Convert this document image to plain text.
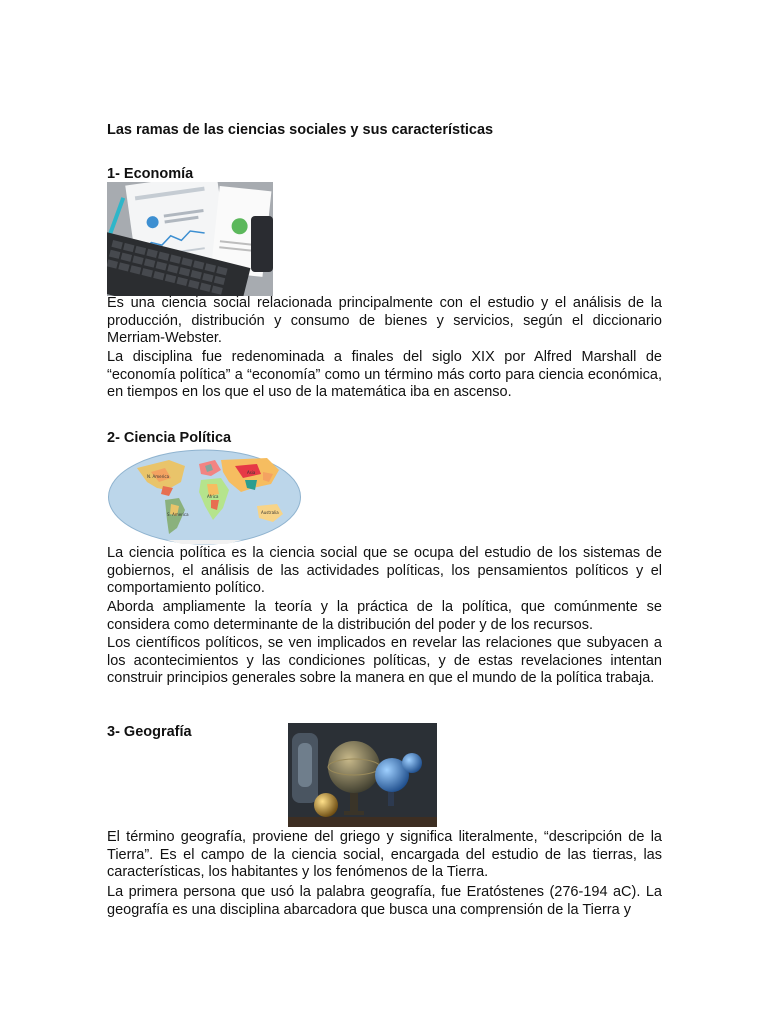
Las ramas de las ciencias sociales y sus características
1- Economía

Es una ciencia social relacionada principalmente con el estudio y el análisis de la producción, distribución y consumo de bienes y servicios, según el diccionario Merriam-Webster.

La disciplina fue redenominada a finales del siglo XIX por Alfred Marshall de “economía política” a “economía” como un término más corto para ciencia económica, en tiempos en los que el uso de la matemática iba en ascenso.

2- Ciencia Política
N. America
S. America
Africa
Asia
Australia

La ciencia política es la ciencia social que se ocupa del estudio de los sistemas de gobiernos, el análisis de las actividades políticas, los pensamientos políticos y el comportamiento político.

Aborda ampliamente la teoría y la práctica de la política, que comúnmente se considera como determinante de la distribución del poder y de los recursos.

Los científicos políticos, se ven implicados en revelar las relaciones que subyacen a los acontecimientos y las condiciones políticas, y de estas revelaciones intentan construir principios generales sobre la manera en que el mundo de la política trabaja.

3- Geografía

El término geografía, proviene del griego y significa literalmente, “descripción de la Tierra”. Es el campo de la ciencia social, encargada del estudio de las tierras, las características, los habitantes y los fenómenos de la Tierra.

La primera persona que usó la palabra geografía, fue Eratóstenes (276-194 aC). La geografía es una disciplina abarcadora que busca una comprensión de la Tierra y
